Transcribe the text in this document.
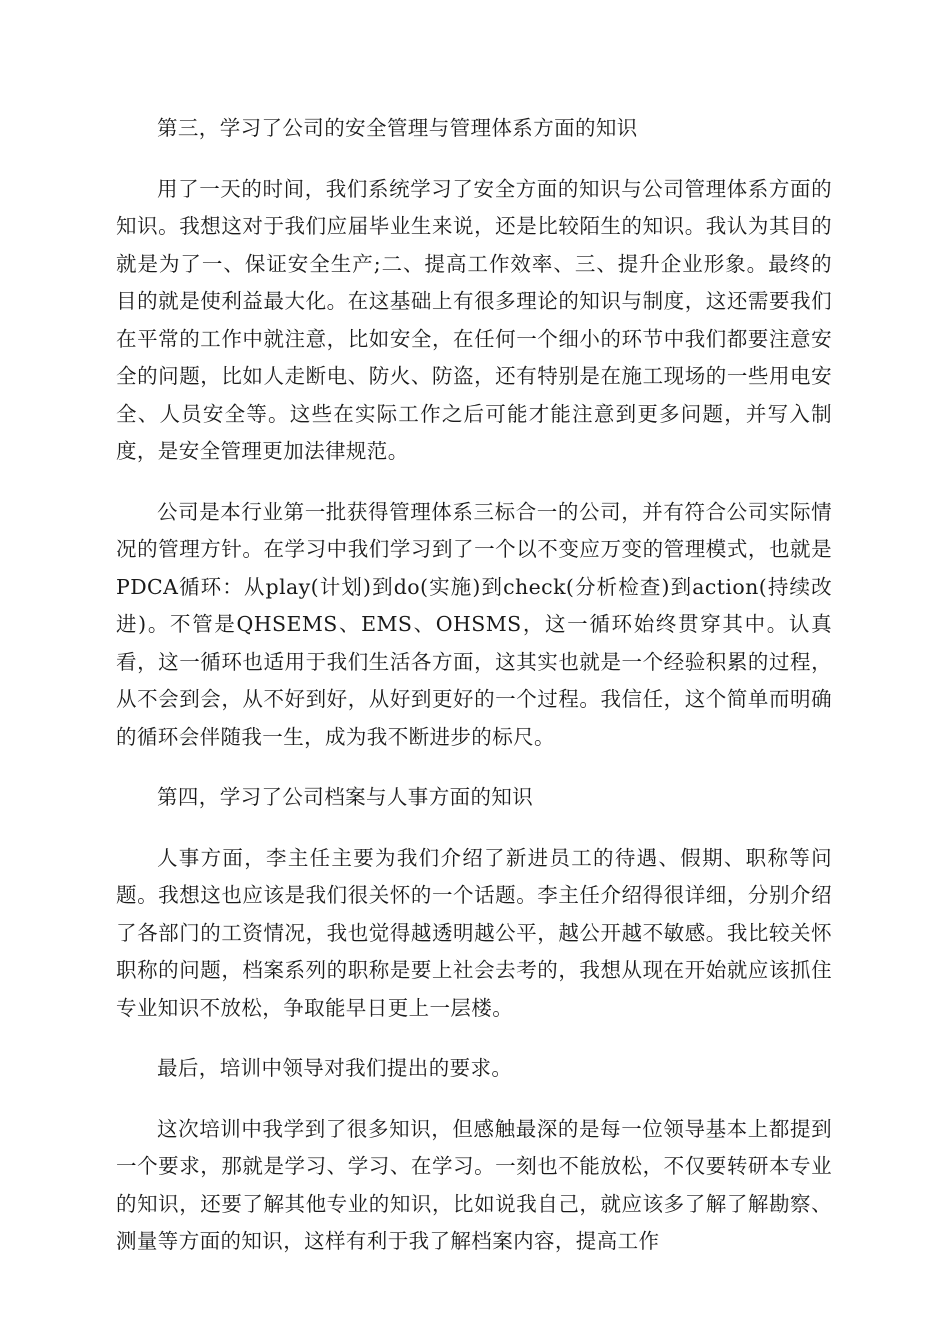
第三，学习了公司的安全管理与管理体系方面的知识

用了一天的时间，我们系统学习了安全方面的知识与公司管理体系方面的知识。我想这对于我们应届毕业生来说，还是比较陌生的知识。我认为其目的就是为了一、保证安全生产;二、提高工作效率、三、提升企业形象。最终的目的就是使利益最大化。在这基础上有很多理论的知识与制度，这还需要我们在平常的工作中就注意，比如安全，在任何一个细小的环节中我们都要注意安全的问题，比如人走断电、防火、防盗，还有特别是在施工现场的一些用电安全、人员安全等。这些在实际工作之后可能才能注意到更多问题，并写入制度，是安全管理更加法律规范。

公司是本行业第一批获得管理体系三标合一的公司，并有符合公司实际情况的管理方针。在学习中我们学习到了一个以不变应万变的管理模式，也就是PDCA循环：从play(计划)到do(实施)到check(分析检查)到action(持续改进)。不管是QHSEMS、EMS、OHSMS，这一循环始终贯穿其中。认真看，这一循环也适用于我们生活各方面，这其实也就是一个经验积累的过程，从不会到会，从不好到好，从好到更好的一个过程。我信任，这个简单而明确的循环会伴随我一生，成为我不断进步的标尺。

第四，学习了公司档案与人事方面的知识

人事方面，李主任主要为我们介绍了新进员工的待遇、假期、职称等问题。我想这也应该是我们很关怀的一个话题。李主任介绍得很详细，分别介绍了各部门的工资情况，我也觉得越透明越公平，越公开越不敏感。我比较关怀职称的问题，档案系列的职称是要上社会去考的，我想从现在开始就应该抓住专业知识不放松，争取能早日更上一层楼。

最后，培训中领导对我们提出的要求。

这次培训中我学到了很多知识，但感触最深的是每一位领导基本上都提到一个要求，那就是学习、学习、在学习。一刻也不能放松，不仅要转研本专业的知识，还要了解其他专业的知识，比如说我自己，就应该多了解了解勘察、测量等方面的知识，这样有利于我了解档案内容，提高工作
